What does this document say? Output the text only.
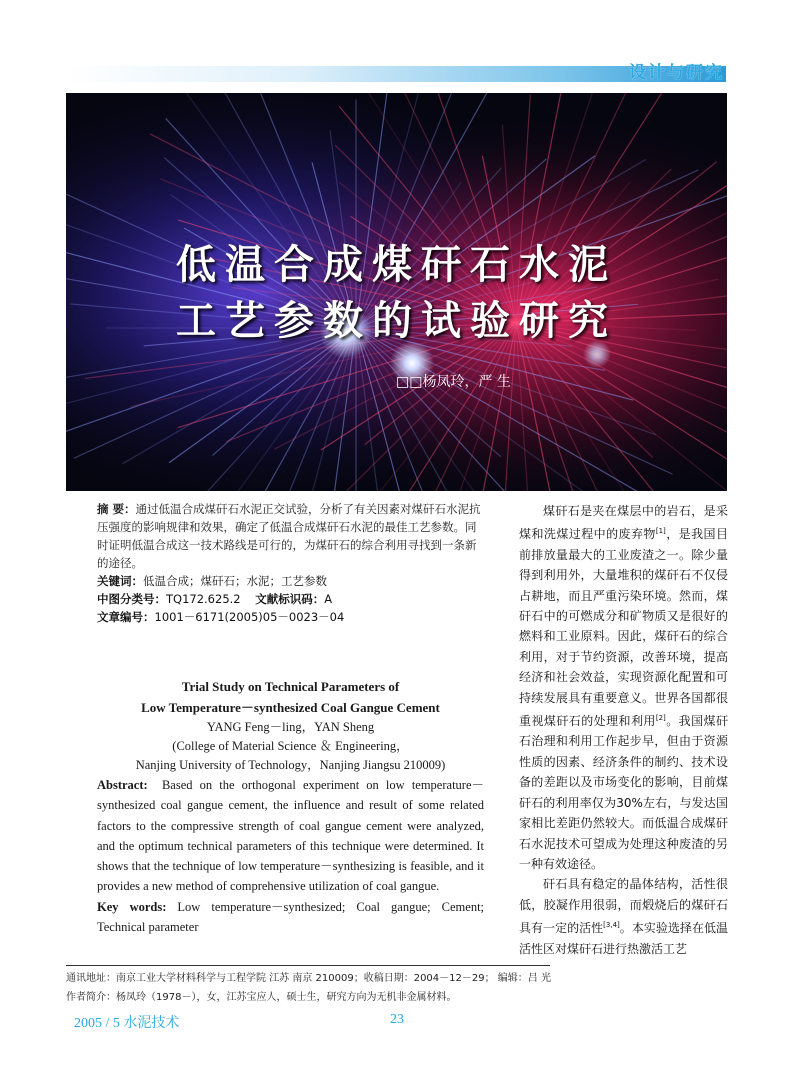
设计与研究
低温合成煤矸石水泥
工艺参数的试验研究
□□杨凤玲，严 生
摘 要：通过低温合成煤矸石水泥正交试验，分析了有关因素对煤矸石水泥抗压强度的影响规律和效果，确定了低温合成煤矸石水泥的最佳工艺参数。同时证明低温合成这一技术路线是可行的，为煤矸石的综合利用寻找到一条新的途径。
关键词：低温合成；煤矸石；水泥；工艺参数
中图分类号：TQ172.625.2 文献标识码：A
文章编号：1001－6171(2005)05－0023－04
Trial Study on Technical Parameters of
Low Temperature－synthesized Coal Gangue Cement
YANG Feng－ling，YAN Sheng
(College of Material Science ＆ Engineering，
Nanjing University of Technology，Nanjing Jiangsu 210009)
Abstract: Based on the orthogonal experiment on low temperature－synthesized coal gangue cement, the influence and result of some related factors to the compressive strength of coal gangue cement were analyzed, and the optimum technical parameters of this technique were determined. It shows that the technique of low temperature－synthesizing is feasible, and it provides a new method of comprehensive utilization of coal gangue.
Key words: Low temperature－synthesized; Coal gangue; Cement; Technical parameter

煤矸石是夹在煤层中的岩石，是采煤和洗煤过程中的废弃物[1]，是我国目前排放量最大的工业废渣之一。除少量得到利用外，大量堆积的煤矸石不仅侵占耕地，而且严重污染环境。然而，煤矸石中的可燃成分和矿物质又是很好的燃料和工业原料。因此，煤矸石的综合利用，对于节约资源，改善环境，提高经济和社会效益，实现资源化配置和可持续发展具有重要意义。世界各国都很重视煤矸石的处理和利用[2]。我国煤矸石治理和利用工作起步早，但由于资源性质的因素、经济条件的制约、技术设备的差距以及市场变化的影响，目前煤矸石的利用率仅为30%左右，与发达国家相比差距仍然较大。而低温合成煤矸石水泥技术可望成为处理这种废渣的另一种有效途径。

矸石具有稳定的晶体结构，活性很低，胶凝作用很弱，而煅烧后的煤矸石具有一定的活性[3,4]。本实验选择在低温活性区对煤矸石进行热激活工艺

通讯地址：南京工业大学材料科学与工程学院 江苏 南京 210009；收稿日期：2004－12－29； 编辑：吕 光
作者简介：杨凤玲（1978－），女，江苏宝应人，硕士生，研究方向为无机非金属材料。
2005 / 5 水泥技术	23
